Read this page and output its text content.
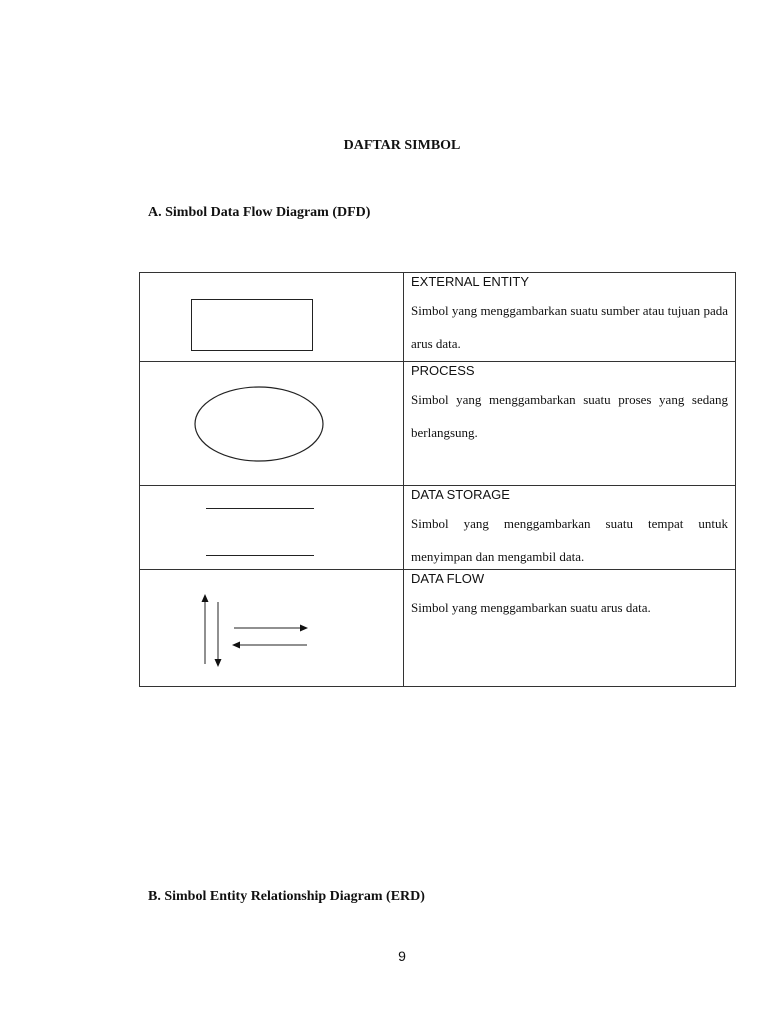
DAFTAR SIMBOL
A. Simbol Data Flow Diagram (DFD)
EXTERNAL ENTITY
Simbol yang menggambarkan suatu sumber atau tujuan pada arus data.
PROCESS
Simbol yang menggambarkan suatu proses yang sedang berlangsung.
DATA STORAGE
Simbol yang menggambarkan suatu tempat untuk menyimpan dan mengambil data.
DATA FLOW
Simbol yang menggambarkan suatu arus data.
B. Simbol Entity Relationship Diagram (ERD)
9
